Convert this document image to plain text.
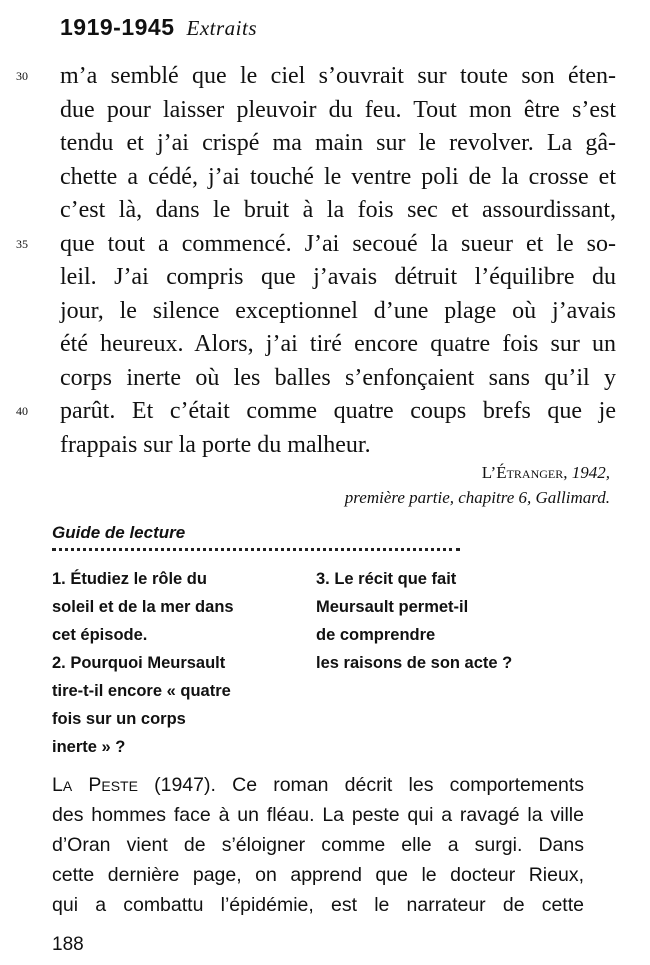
1919-1945 Extraits
30 m’a semblé que le ciel s’ouvrait sur toute son éten-
due pour laisser pleuvoir du feu. Tout mon être s’est
tendu et j’ai crispé ma main sur le revolver. La gâ-
chette a cédé, j’ai touché le ventre poli de la crosse et
c’est là, dans le bruit à la fois sec et assourdissant,
35 que tout a commencé. J’ai secoué la sueur et le so-
leil. J’ai compris que j’avais détruit l’équilibre du
jour, le silence exceptionnel d’une plage où j’avais
été heureux. Alors, j’ai tiré encore quatre fois sur un
corps inerte où les balles s’enfonçaient sans qu’il y
40 parût. Et c’était comme quatre coups brefs que je
frappais sur la porte du malheur.
L’Étranger, 1942,
première partie, chapitre 6, Gallimard.
Guide de lecture
1. Étudiez le rôle du
soleil et de la mer dans
cet épisode.
2. Pourquoi Meursault
tire-t-il encore « quatre
fois sur un corps
inerte » ?
3. Le récit que fait
Meursault permet-il
de comprendre
les raisons de son acte ?
La Peste (1947). Ce roman décrit les comportements
des hommes face à un fléau. La peste qui a ravagé la ville
d’Oran vient de s’éloigner comme elle a surgi. Dans
cette dernière page, on apprend que le docteur Rieux,
qui a combattu l’épidémie, est le narrateur de cette
188
